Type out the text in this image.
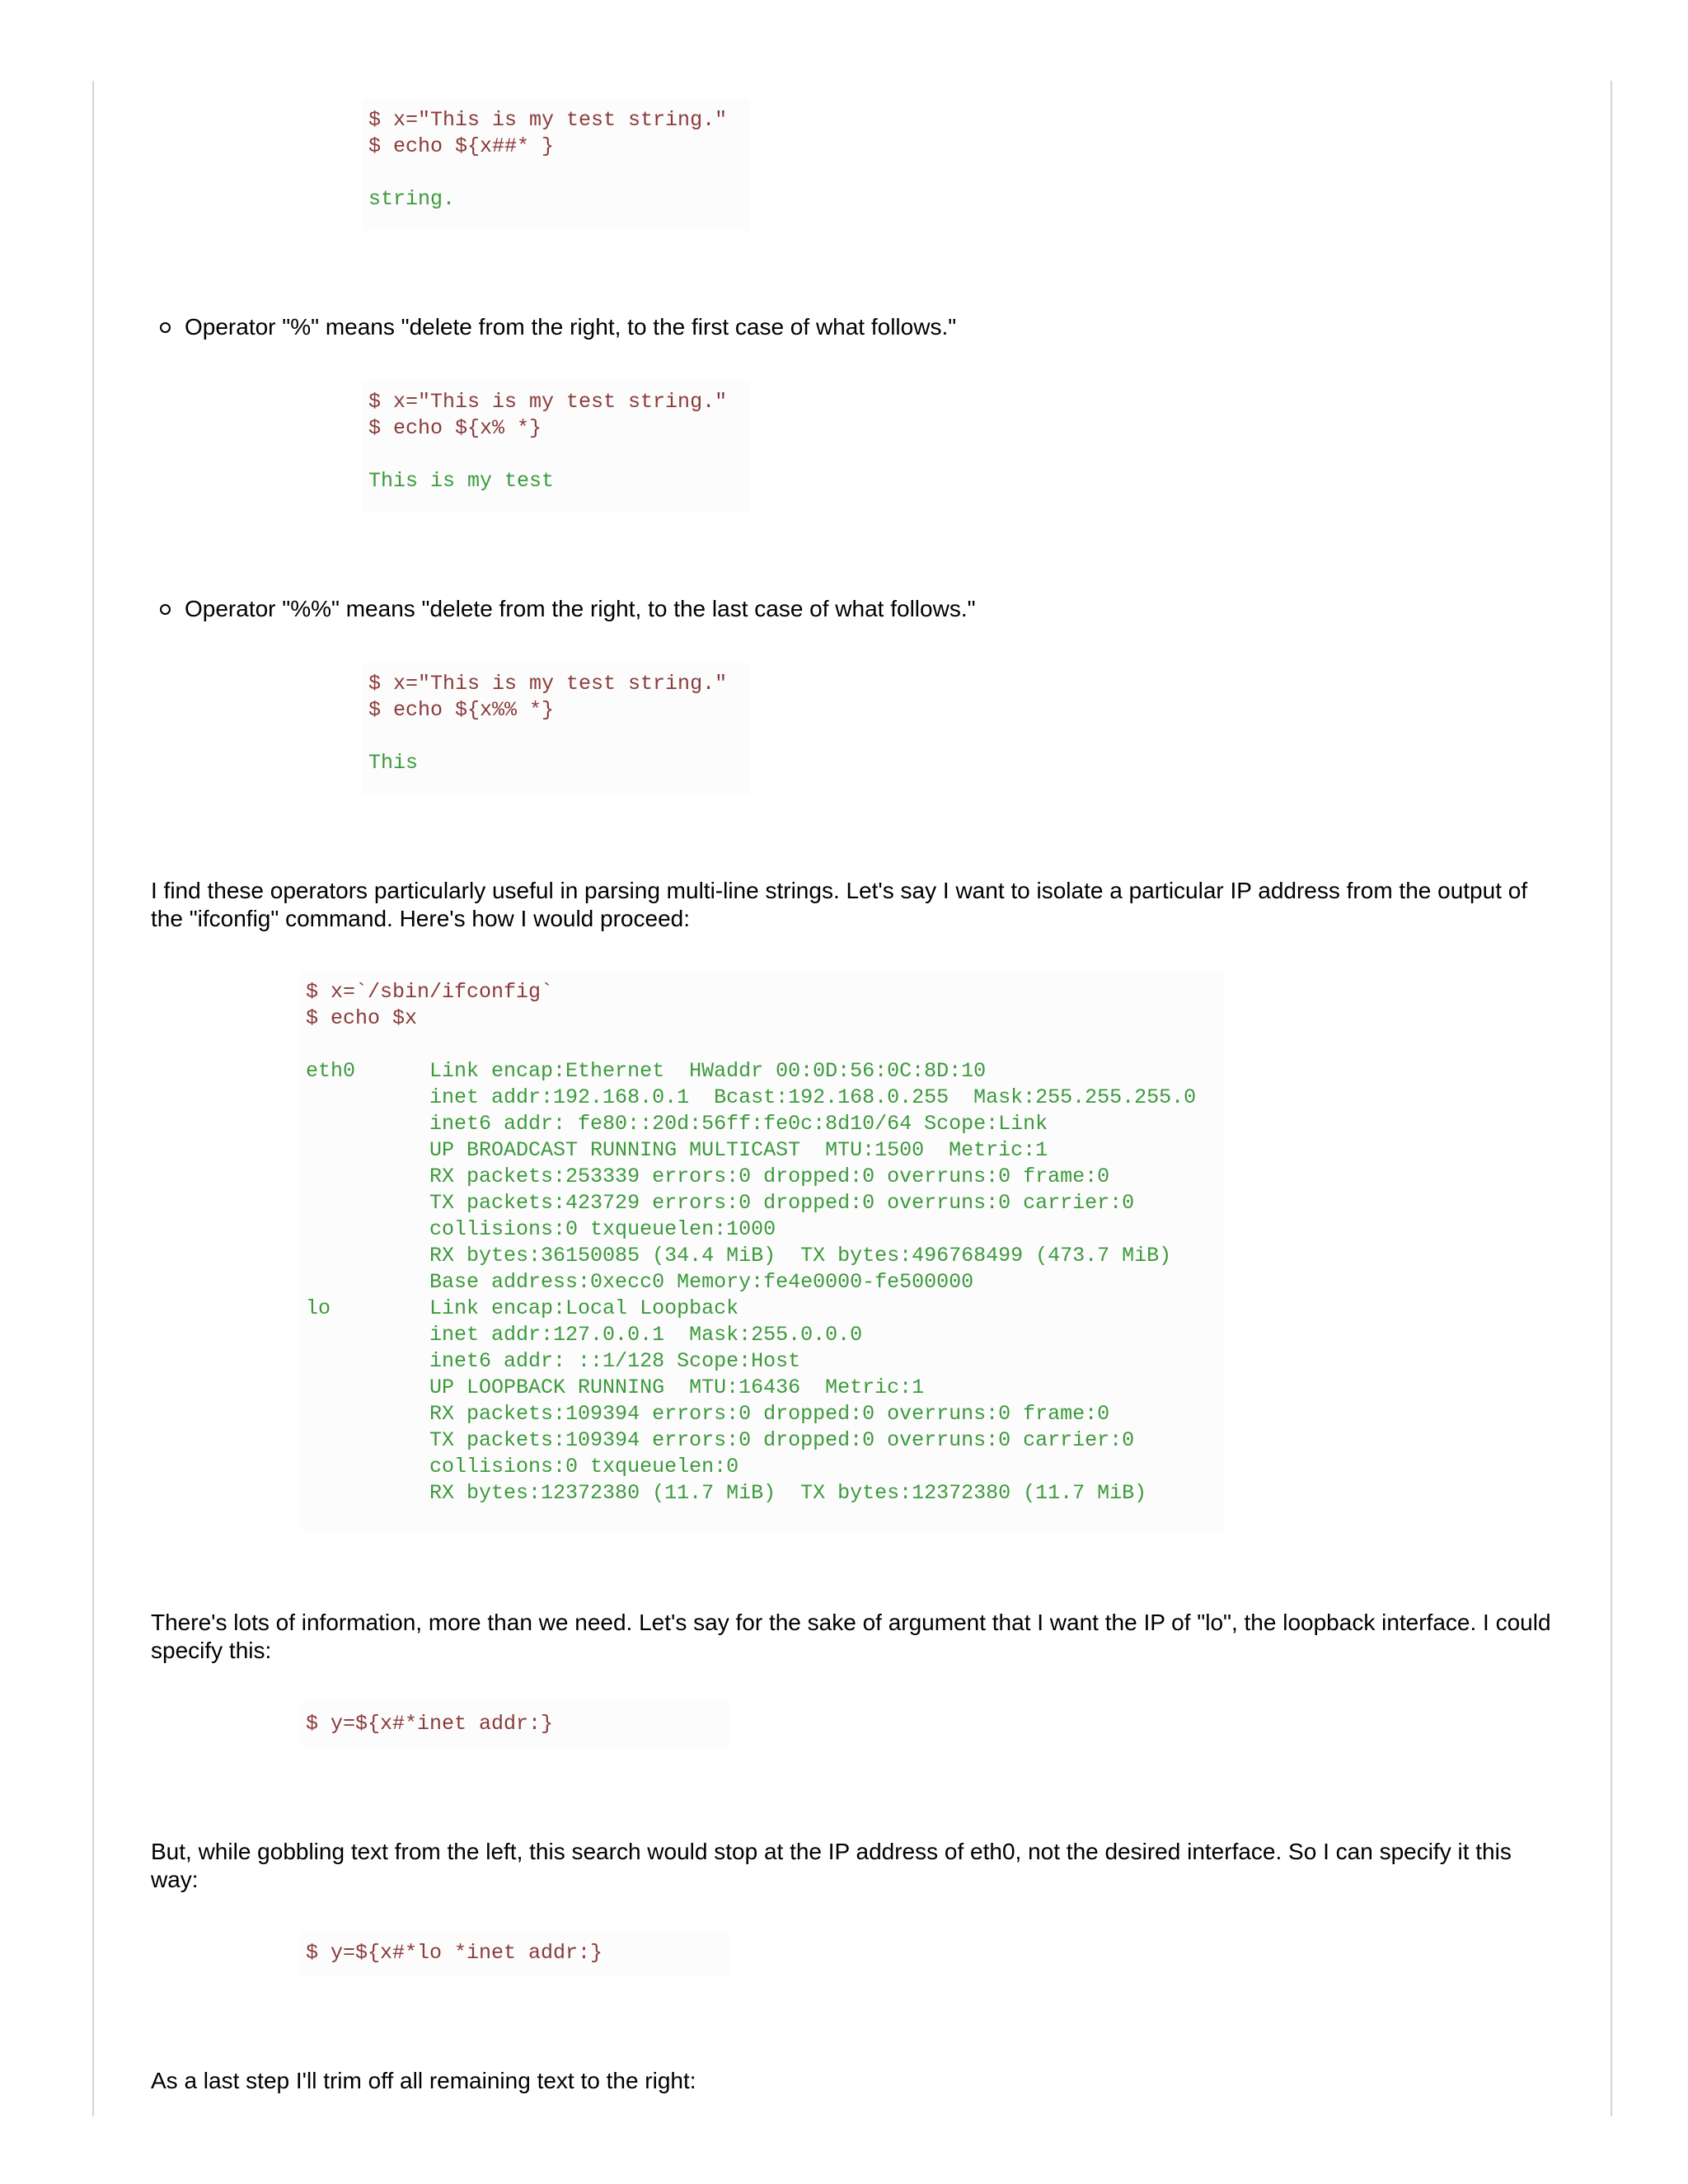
$ x="This is my test string."
$ echo ${x##* }
string.
Operator "%" means "delete from the right, to the first case of what follows."
$ x="This is my test string."
$ echo ${x% *}
This is my test
Operator "%%" means "delete from the right, to the last case of what follows."
$ x="This is my test string."
$ echo ${x%% *}
This
I find these operators particularly useful in parsing multi-line strings. Let's say I want to isolate a particular IP address from the output of the "ifconfig" command. Here's how I would proceed:
$ x=`/sbin/ifconfig`
$ echo $x
eth0      Link encap:Ethernet  HWaddr 00:0D:56:0C:8D:10
inet addr:192.168.0.1  Bcast:192.168.0.255  Mask:255.255.255.0
inet6 addr: fe80::20d:56ff:fe0c:8d10/64 Scope:Link
UP BROADCAST RUNNING MULTICAST  MTU:1500  Metric:1
RX packets:253339 errors:0 dropped:0 overruns:0 frame:0
TX packets:423729 errors:0 dropped:0 overruns:0 carrier:0
collisions:0 txqueuelen:1000
RX bytes:36150085 (34.4 MiB)  TX bytes:496768499 (473.7 MiB)
Base address:0xecc0 Memory:fe4e0000-fe500000
lo        Link encap:Local Loopback
inet addr:127.0.0.1  Mask:255.0.0.0
inet6 addr: ::1/128 Scope:Host
UP LOOPBACK RUNNING  MTU:16436  Metric:1
RX packets:109394 errors:0 dropped:0 overruns:0 frame:0
TX packets:109394 errors:0 dropped:0 overruns:0 carrier:0
collisions:0 txqueuelen:0
RX bytes:12372380 (11.7 MiB)  TX bytes:12372380 (11.7 MiB)
There's lots of information, more than we need. Let's say for the sake of argument that I want the IP of "lo", the loopback interface. I could specify this:
$ y=${x#*inet addr:}
But, while gobbling text from the left, this search would stop at the IP address of eth0, not the desired interface. So I can specify it this way:
$ y=${x#*lo *inet addr:}
As a last step I'll trim off all remaining text to the right:
